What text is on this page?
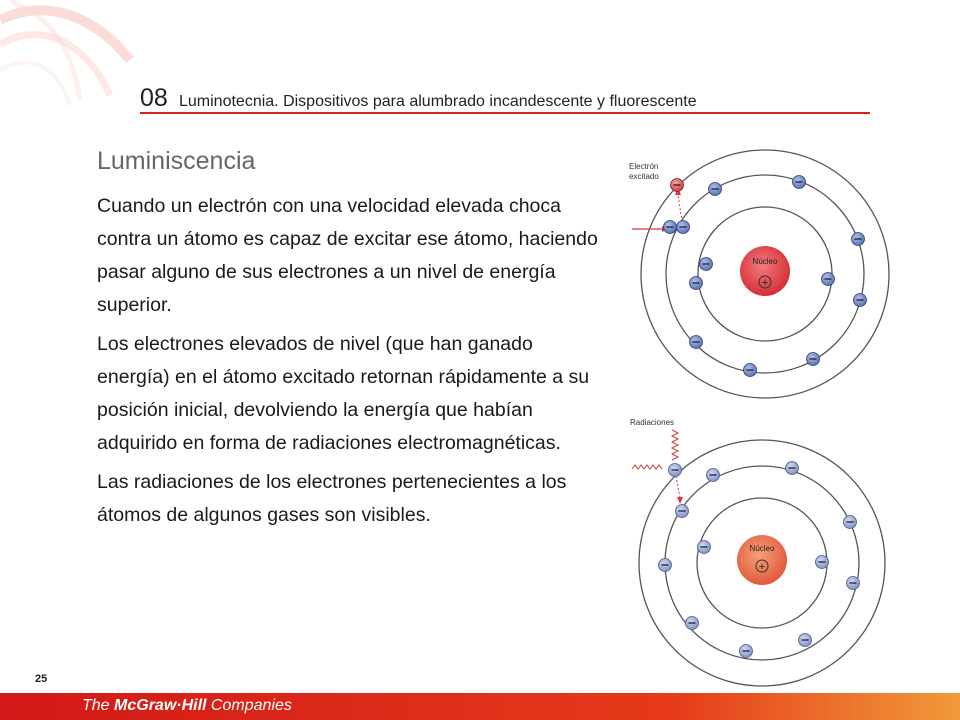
08 Luminotecnia. Dispositivos para alumbrado incandescente y fluorescente
Luminiscencia

Cuando un electrón con una velocidad elevada choca contra un átomo es capaz de excitar ese átomo, haciendo pasar alguno de sus electrones a un nivel de energía superior.

Los electrones elevados de nivel (que han ganado energía) en el átomo excitado retornan rápidamente a su posición inicial, devolviendo la energía que habían adquirido en forma de radiaciones electromagnéticas.

Las radiaciones de los electrones pertenecientes a los átomos de algunos gases son visibles.

Núcleo
+
Electrón
excitado
Núcleo
+
Radiaciones
25
The McGraw·Hill Companies
